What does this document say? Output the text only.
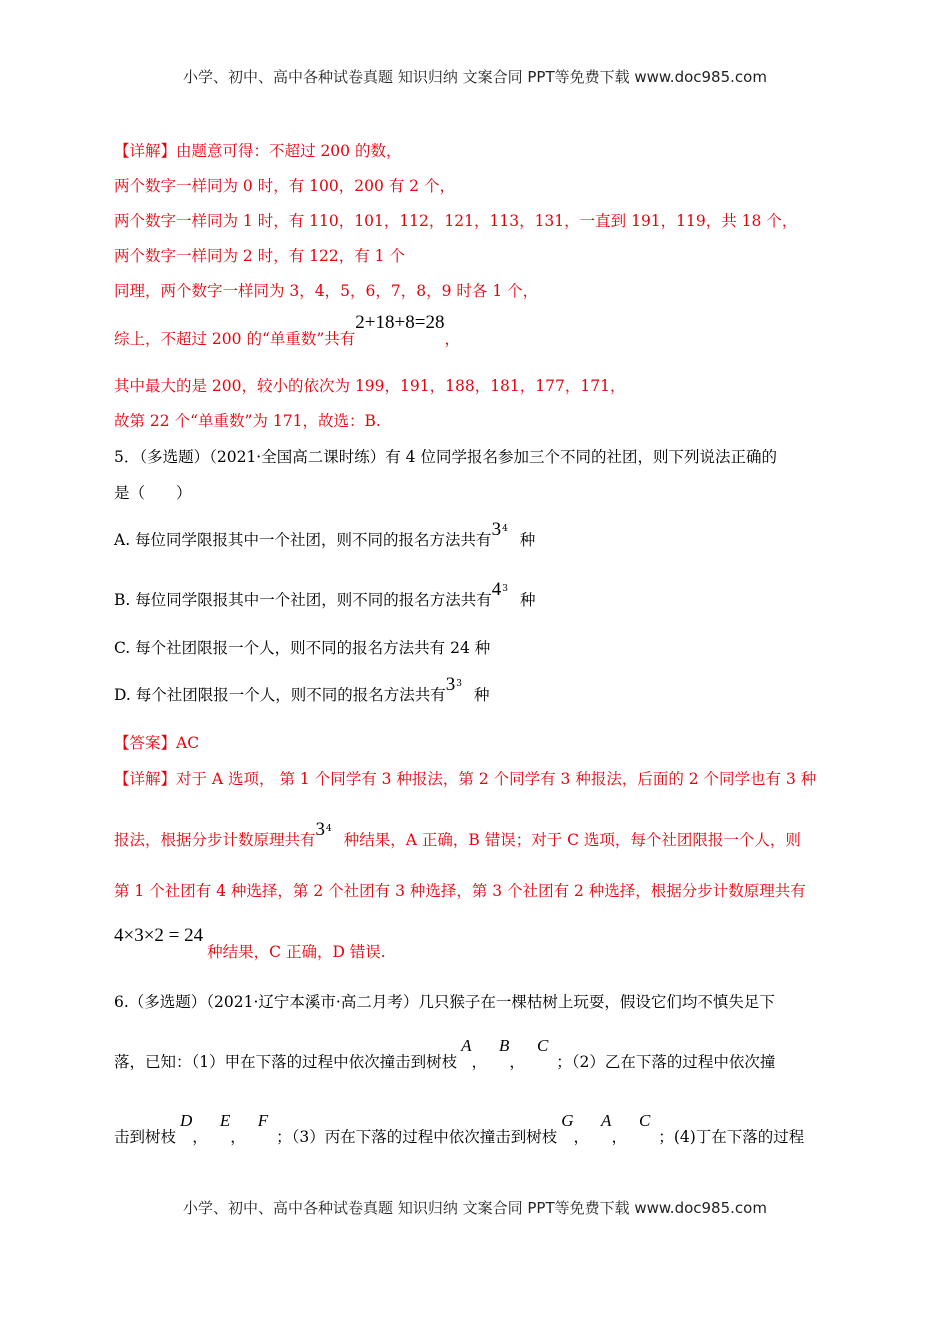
小学、初中、高中各种试卷真题 知识归纳 文案合同 PPT等免费下载 www.doc985.com
【详解】由题意可得：不超过 200 的数，
两个数字一样同为 0 时，有 100，200 有 2 个，
两个数字一样同为 1 时，有 110，101，112，121，113，131，一直到 191，119，共 18 个，
两个数字一样同为 2 时，有 122，有 1 个
同理，两个数字一样同为 3，4，5，6，7，8，9 时各 1 个，
综上，不超过 200 的“单重数”共有2+18+8=28，
其中最大的是 200，较小的依次为 199，191，188，181，177，171，
故第 22 个“单重数”为 171，故选：B.
5．（多选题）（2021·全国高二课时练）有 4 位同学报名参加三个不同的社团，则下列说法正确的
是（　　）
A. 每位同学限报其中一个社团，则不同的报名方法共有$3^4$种
B. 每位同学限报其中一个社团，则不同的报名方法共有$4^3$种
C. 每个社团限报一个人，则不同的报名方法共有 24 种
D. 每个社团限报一个人，则不同的报名方法共有$3^3$种
【答案】AC
【详解】对于 A 选项， 第 1 个同学有 3 种报法，第 2 个同学有 3 种报法，后面的 2 个同学也有 3 种
报法，根据分步计数原理共有$3^4$种结果，A 正确，B 错误；对于 C 选项，每个社团限报一个人，则
第 1 个社团有 4 种选择，第 2 个社团有 3 种选择，第 3 个社团有 2 种选择，根据分步计数原理共有
4×3×2 = 24种结果，C 正确，D 错误.
6.（多选题）（2021·辽宁本溪市·高二月考）几只猴子在一棵枯树上玩耍，假设它们均不慎失足下
落，已知：（1）甲在下落的过程中依次撞击到树枝A，B，C；（2）乙在下落的过程中依次撞
击到树枝D，E，F；（3）丙在下落的过程中依次撞击到树枝G，A，C；(4)丁在下落的过程
小学、初中、高中各种试卷真题 知识归纳 文案合同 PPT等免费下载 www.doc985.com
